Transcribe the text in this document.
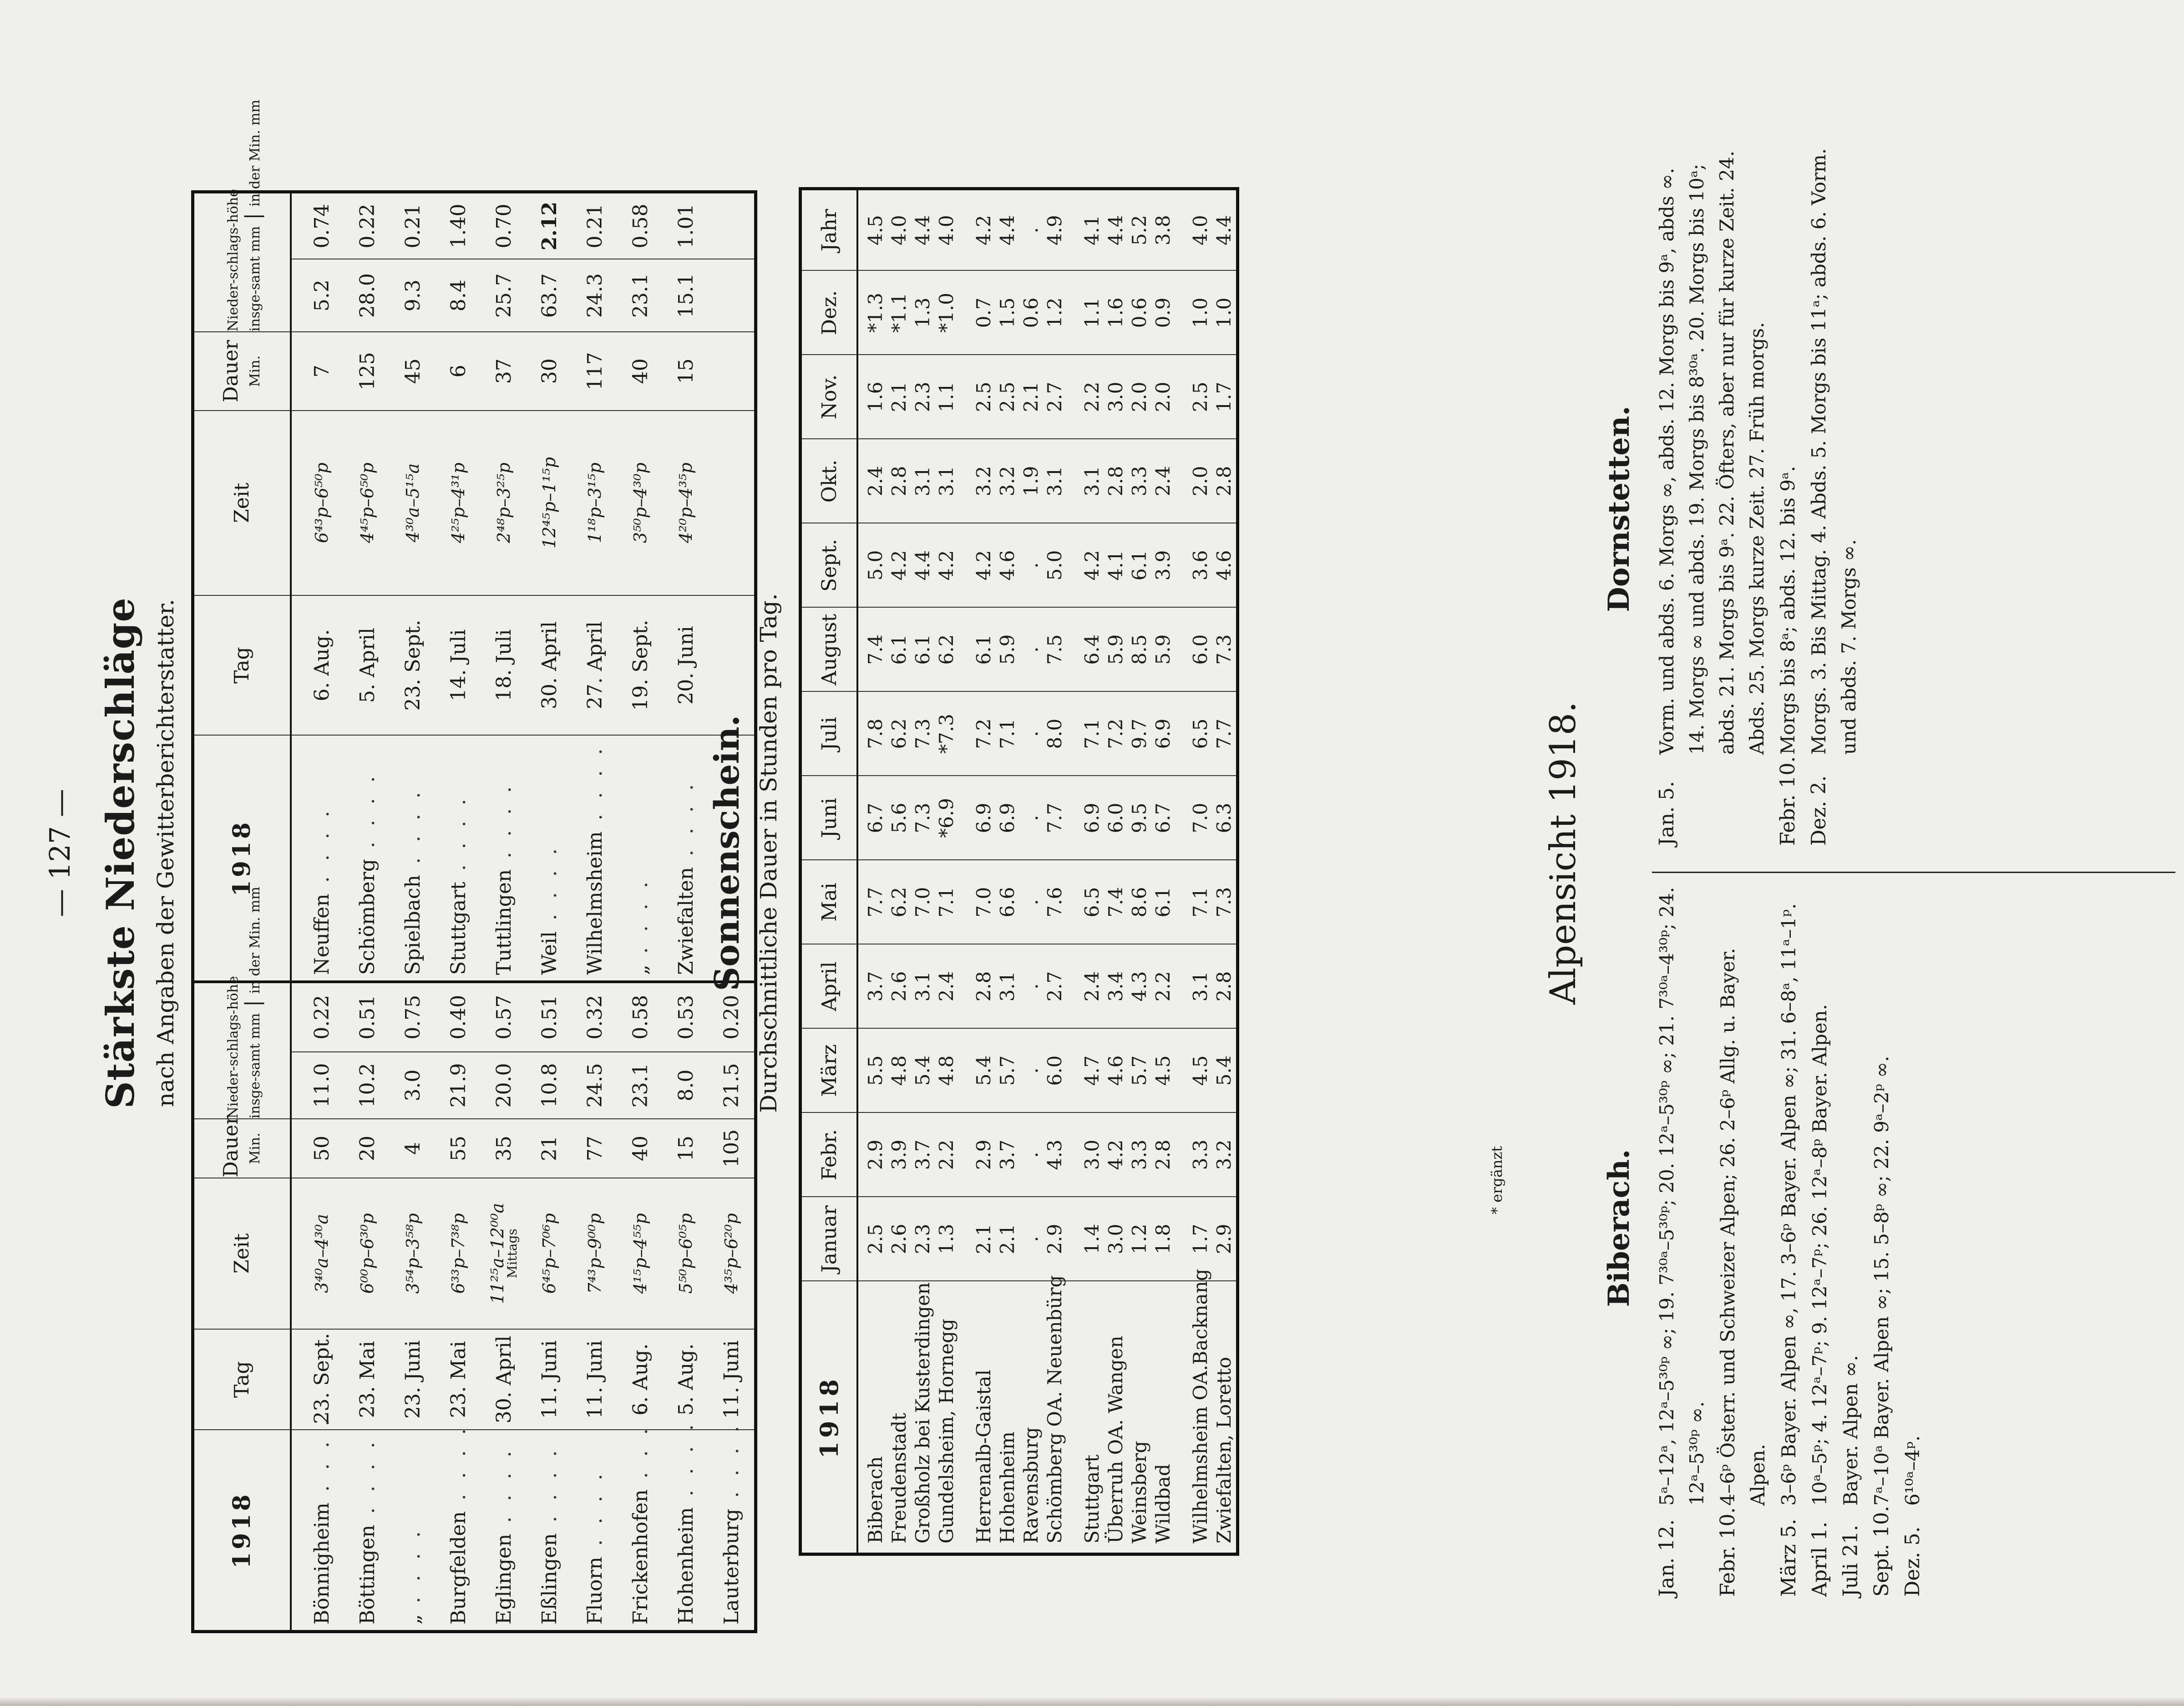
— 127 — Stärkste Niederschläge nach Angaben der Gewitterberichterstatter.
1918	Tag	Zeit	Dauer Min.	Nieder-schlags-höhe insge-samt mm | in der Min. mm		1918	Tag	Zeit	Dauer Min.	Nieder-schlags-höhe insge-samt mm | in der Min. mm	
Bönnigheim . . . .	23. Sept.	3⁴⁰a–4³⁰a	50	11.0	0.22	Neuffen . . . .	6. Aug.	6⁴³p–6⁵⁰p	7	5.2	0.74
Böttingen . . . .	23. Mai	6⁰⁰p–6³⁰p	20	10.2	0.51	Schömberg . . . .	5. April	4⁴⁵p–6⁵⁰p	125	28.0	0.22
„ . . . .	23. Juni	3⁵⁴p–3⁵⁸p	4	3.0	0.75	Spielbach . . . .	23. Sept.	4³⁰a–5¹⁵a	45	9.3	0.21
Burgfelden . . . .	23. Mai	6³³p–7³⁸p	55	21.9	0.40	Stuttgart . . . .	14. Juli	4²⁵p–4³¹p	6	8.4	1.40
Eglingen . . . .	30. April	11²⁵a–12⁰⁰a
Mittags	35	20.0	0.57	Tuttlingen . . . .	18. Juli	2⁴⁸p–3²⁵p	37	25.7	0.70
Eßlingen . . . .	11. Juni	6⁴⁵p–7⁰⁶p	21	10.8	0.51	Weil . . . .	30. April	12⁴⁵p–1¹⁵p	30	63.7	2.12
Fluorn . . . .	11. Juni	7⁴³p–9⁰⁰p	77	24.5	0.32	Wilhelmsheim . . . .	27. April	1¹⁸p–3¹⁵p	117	24.3	0.21
Frickenhofen . . . .	6. Aug.	4¹⁵p–4⁵⁵p	40	23.1	0.58	„ . . . .	19. Sept.	3⁵⁰p–4³⁰p	40	23.1	0.58
Hohenheim . . . .	5. Aug.	5⁵⁰p–6⁰⁵p	15	8.0	0.53	Zwiefalten . . . .	20. Juni	4²⁰p–4³⁵p	15	15.1	1.01
Lauterburg . . . .	11. Juni	4³⁵p–6²⁰p	105	21.5	0.20						
Sonnenschein. Durchschnittliche Dauer in Stunden pro Tag.
1918	Januar	Febr.	März	April	Mai	Juni	Juli	August	Sept.	Okt.	Nov.	Dez.	Jahr
Biberach	2.5	2.9	5.5	3.7	7.7	6.7	7.8	7.4	5.0	2.4	1.6	*1.3	4.5
Freudenstadt	2.6	3.9	4.8	2.6	6.2	5.6	6.2	6.1	4.2	2.8	2.1	*1.1	4.0
Großholz bei Kusterdingen	2.3	3.7	5.4	3.1	7.0	7.3	7.3	6.1	4.4	3.1	2.3	1.3	4.4
Gundelsheim, Hornegg	1.3	2.2	4.8	2.4	7.1	*6.9	*7.3	6.2	4.2	3.1	1.1	*1.0	4.0

Herrenalb-Gaistal	2.1	2.9	5.4	2.8	7.0	6.9	7.2	6.1	4.2	3.2	2.5	0.7	4.2
Hohenheim	2.1	3.7	5.7	3.1	6.6	6.9	7.1	5.9	4.6	3.2	2.5	1.5	4.4
Ravensburg	.	.	.	.	.	.	.	.	.	1.9	2.1	0.6	.
Schömberg OA. Neuenbürg	2.9	4.3	6.0	2.7	7.6	7.7	8.0	7.5	5.0	3.1	2.7	1.2	4.9

Stuttgart	1.4	3.0	4.7	2.4	6.5	6.9	7.1	6.4	4.2	3.1	2.2	1.1	4.1
Überruh OA. Wangen	3.0	4.2	4.6	3.4	7.4	6.0	7.2	5.9	4.1	2.8	3.0	1.6	4.4
Weinsberg	1.2	3.3	5.7	4.3	8.6	9.5	9.7	8.5	6.1	3.3	2.0	0.6	5.2
Wildbad	1.8	2.8	4.5	2.2	6.1	6.7	6.9	5.9	3.9	2.4	2.0	0.9	3.8

Wilhelmsheim OA.Backnang	1.7	3.3	4.5	3.1	7.1	7.0	6.5	6.0	3.6	2.0	2.5	1.0	4.0
Zwiefalten, Loretto	2.9	3.2	5.4	2.8	7.3	6.3	7.7	7.3	4.6	2.8	1.7	1.0	4.4
* ergänzt
Alpensicht 1918.
Biberach.
Dornstetten.
Jan. 12.
5ᵃ–12ᵃ, 12ᵃ–5³⁰ᵖ ∞; 19. 7³⁰ᵃ–5³⁰ᵖ; 20. 12ᵃ–5³⁰ᵖ ∞; 21. 7³⁰ᵃ–4³⁰ᵖ; 24. 12ᵃ–5³⁰ᵖ ∞.
Febr. 10.
4–6ᵖ Österr. und Schweizer Alpen; 26. 2–6ᵖ Allg. u. Bayer. Alpen.
März 5.
3–6ᵖ Bayer. Alpen ∞, 17. 3–6ᵖ Bayer. Alpen ∞; 31. 6–8ᵃ, 11ᵃ–1ᵖ.
April 1.
10ᵃ–5ᵖ; 4. 12ᵃ–7ᵖ; 9. 12ᵃ–7ᵖ; 26. 12ᵃ–8ᵖ Bayer. Alpen.
Juli 21.
Bayer. Alpen ∞.
Sept. 10.
7ᵃ–10ᵃ Bayer. Alpen ∞; 15. 5–8ᵖ ∞; 22. 9ᵃ–2ᵖ ∞.
Dez. 5.
6¹⁰ᵃ–4ᵖ.
Jan. 5.
Vorm. und abds. 6. Morgs ∞, abds. 12. Morgs bis 9ᵃ, abds ∞. 14. Morgs ∞ und abds. 19. Morgs bis 8³⁰ᵃ. 20. Morgs bis 10ᵃ; abds. 21. Morgs bis 9ᵃ. 22. Öfters, aber nur für kurze Zeit. 24. Abds. 25. Morgs kurze Zeit. 27. Früh morgs.
Febr. 10.
Morgs bis 8ᵃ; abds. 12. bis 9ᵃ.
Dez. 2.
Morgs. 3. Bis Mittag. 4. Abds. 5. Morgs bis 11ᵃ; abds. 6. Vorm. und abds. 7. Morgs ∞.
